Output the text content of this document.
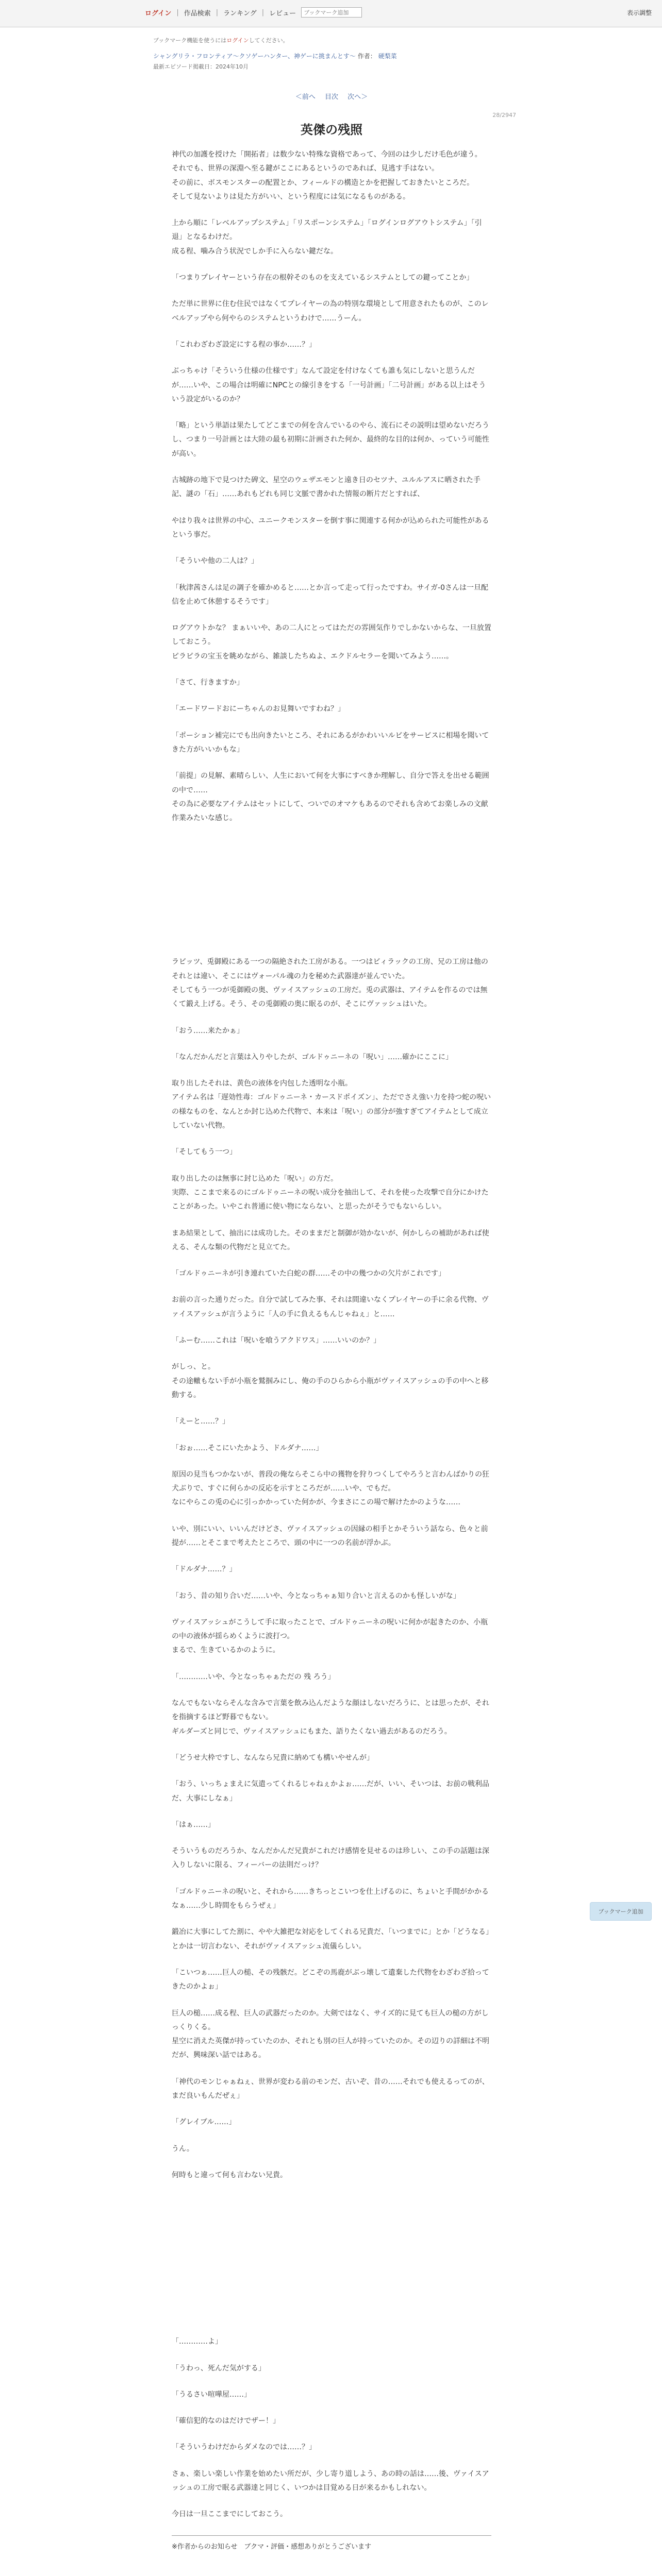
ログイン | 作品検索 | ランキング | レビュー
ブックマーク追加	表示調整
ブックマーク機能を使うにはログインしてください。
シャングリラ・フロンティア〜クソゲーハンター、神ゲーに挑まんとす〜 作者： 硬梨菜
最新エピソード掲載日：2024年10月
＜前へ 目次 次へ＞
28/2947
英傑の残照

神代の加護を授けた「開拓者」は数少ない特殊な資格であって、今回のは少しだけ毛色が違う。
それでも、世界の深淵へ至る鍵がここにあるというのであれば、見逃す手はない。
その前に、ボスモンスターの配置とか、フィールドの構造とかを把握しておきたいところだ。
そして見ないよりは見た方がいい、という程度には気になるものがある。

上から順に「レベルアップシステム」「リスポーンシステム」「ログインログアウトシステム」「引退」となるわけだ。
成る程、噛み合う状況でしか手に入らない鍵だな。

「つまりプレイヤーという存在の根幹そのものを支えているシステムとしての鍵ってことか」

ただ単に世界に住む住民ではなくてプレイヤーの為の特別な環境として用意されたものが、このレベルアップやら何やらのシステムというわけで……うーん。

「これわざわざ設定にする程の事か……？」

ぶっちゃけ「そういう仕様の仕様です」なんて設定を付けなくても誰も気にしないと思うんだが……いや、この場合は明確にNPCとの線引きをする「一号計画」「二号計画」がある以上はそういう設定がいるのか？

「略」という単語は果たしてどこまでの何を含んでいるのやら、流石にその説明は望めないだろうし、つまり一号計画とは大陸の最も初期に計画された何か、最終的な目的は何か、っていう可能性が高い。

古城跡の地下で見つけた碑文、星空のウェザエモンと遠き日のセツナ、ユルルアスに晒された手記、謎の「石」……あれもどれも同じ文脈で書かれた情報の断片だとすれば、

やはり我々は世界の中心、ユニークモンスターを倒す事に関連する何かが込められた可能性があるという事だ。

「そういや他の二人は？」

「秋津茜さんは足の調子を確かめると……とか言って走って行ったですわ。サイガ-0さんは一旦配信を止めて休憩するそうです」

ログアウトかな？ まぁいいや、あの二人にとってはただの雰囲気作りでしかないからな、一旦放置しておこう。
ピラピラの宝玉を眺めながら、雑談したちぬよ、エクドルセラーを聞いてみよう……。

「さて、行きますか」

「エードワードおにーちゃんのお見舞いですわね？」

「ポーション補完にでも出向きたいところ、それにあるがかわいいルビをサービスに相場を聞いてきた方がいいかもな」

「前提」の見解、素晴らしい、人生において何を大事にすべきか理解し、自分で答えを出せる範囲の中で……
その為に必要なアイテムはセットにして、ついでのオマケもあるのでそれも含めてお楽しみの文献作業みたいな感じ。

ラビッツ、兎御殿にある一つの隔絶された工房がある。一つはビィラックの工房、兄の工房は他のそれとは違い、そこにはヴォーパル魂の力を秘めた武器達が並んでいた。
そしてもう一つが兎御殿の奥、ヴァイスアッシュの工房だ。兎の武器は、アイテムを作るのでは無くて鍛え上げる。そう、その兎御殿の奥に眠るのが、そこにヴァッシュはいた。

「おう……来たかぁ」

「なんだかんだと言葉は入りやしたが、ゴルドゥニーネの「呪い」……確かにここに」

取り出したそれは、黄色の液体を内包した透明な小瓶。
アイテム名は「遅効性毒：ゴルドゥニーネ・カースドポイズン」、ただでさえ強い力を持つ蛇の呪いの様なものを、なんとか封じ込めた代物で、本来は「呪い」の部分が強すぎてアイテムとして成立していない代物。

「そしてもう一つ」

取り出したのは無事に封じ込めた「呪い」の方だ。
実際、ここまで来るのにゴルドゥニーネの呪い成分を抽出して、それを使った攻撃で自分にかけたことがあった。いやこれ普通に使い物にならない、と思ったがそうでもないらしい。

まあ結果として、抽出には成功した。そのままだと制御が効かないが、何かしらの補助があれば使える、そんな類の代物だと見立てた。

「ゴルドゥニーネが引き連れていた白蛇の群……その中の幾つかの欠片がこれです」

お前の言った通りだった。自分で試してみた事、それは間違いなくプレイヤーの手に余る代物、ヴァイスアッシュが言うように「人の手に負えるもんじゃねぇ」と……

「ふーむ……これは「呪いを喰うアクドワス」……いいのか？」

がしっ、と。
その途轍もない手が小瓶を鷲掴みにし、俺の手のひらから小瓶がヴァイスアッシュの手の中へと移動する。

「えーと……？」

「おぉ……そこにいたかよう、ドルダナ……」

原因の見当もつかないが、普段の俺ならそこら中の獲物を狩りつくしてやろうと言わんばかりの狂犬ぶりで、すぐに何らかの反応を示すところだが……いや、でもだ。
なにやらこの兎の心に引っかかっていた何かが、今まさにこの場で解けたかのような……

いや、別にいい、いいんだけどさ、ヴァイスアッシュの因縁の相手とかそういう話なら、色々と前提が……とそこまで考えたところで、頭の中に一つの名前が浮かぶ。

「ドルダナ……？」

「おう、昔の知り合いだ……いや、今となっちゃぁ知り合いと言えるのかも怪しいがな」

ヴァイスアッシュがこうして手に取ったことで、ゴルドゥニーネの呪いに何かが起きたのか、小瓶の中の液体が揺らめくように波打つ。
まるで、生きているかのように。

「…………いや、今となっちゃぁただの 残 ろう」

なんでもないならそんな含みで言葉を飲み込んだような顔はしないだろうに、とは思ったが、それを指摘するほど野暮でもない。
ギルダーズと同じで、ヴァイスアッシュにもまた、語りたくない過去があるのだろう。

「どうせ大枠ですし、なんなら兄貴に納めても構いやせんが」

「おう、いっちょまえに気遣ってくれるじゃねぇかよぉ……だが、いい、そいつは、お前の戦利品だ、大事にしなぁ」

「はぁ……」

そういうものだろうか、なんだかんだ兄貴がこれだけ感情を見せるのは珍しい、この手の話題は深入りしないに限る、フィーバーの法則だっけ？

「ゴルドゥニーネの呪いと、それから……きちっとこいつを仕上げるのに、ちょいと手間がかかるなぁ……少し時間をもらうぜぇ」

鍛冶に大事にしてた割に、やや大雑把な対応をしてくれる兄貴だ、「いつまでに」とか「どうなる」とかは一切言わない、それがヴァイスアッシュ流儀らしい。

「こいつぁ……巨人の槌、その残骸だ。どこぞの馬鹿がぶっ壊して遺棄した代物をわざわざ拾ってきたのかよぉ」

巨人の槌……成る程、巨人の武器だったのか。大剣ではなく、サイズ的に見ても巨人の槌の方がしっくりくる。
星空に消えた英傑が持っていたのか、それとも別の巨人が持っていたのか。その辺りの詳細は不明だが、興味深い話ではある。

「神代のモンじゃぁねぇ、世界が変わる前のモンだ、古いぞ、昔の……それでも使えるってのが、まだ良いもんだぜぇ」

「グレイブル……」

うん。

何時もと違って何も言わない兄貴。

「…………よ」

「うわっ、死んだ気がする」

「うるさい喧嘩屋……」

「確信犯的なのはだけでザー！」

「そういうわけだからダメなのでは……？」

さぁ、楽しい楽しい作業を始めたい所だが、少し寄り道しよう、あの時の話は……後、ヴァイスアッシュの工房で眠る武器達と同じく、いつかは目覚める日が来るかもしれない。

今日は一旦ここまでにしておこう。

※作者からのお知らせ　ブクマ・評価・感想ありがとうございます
ブックマーク追加
